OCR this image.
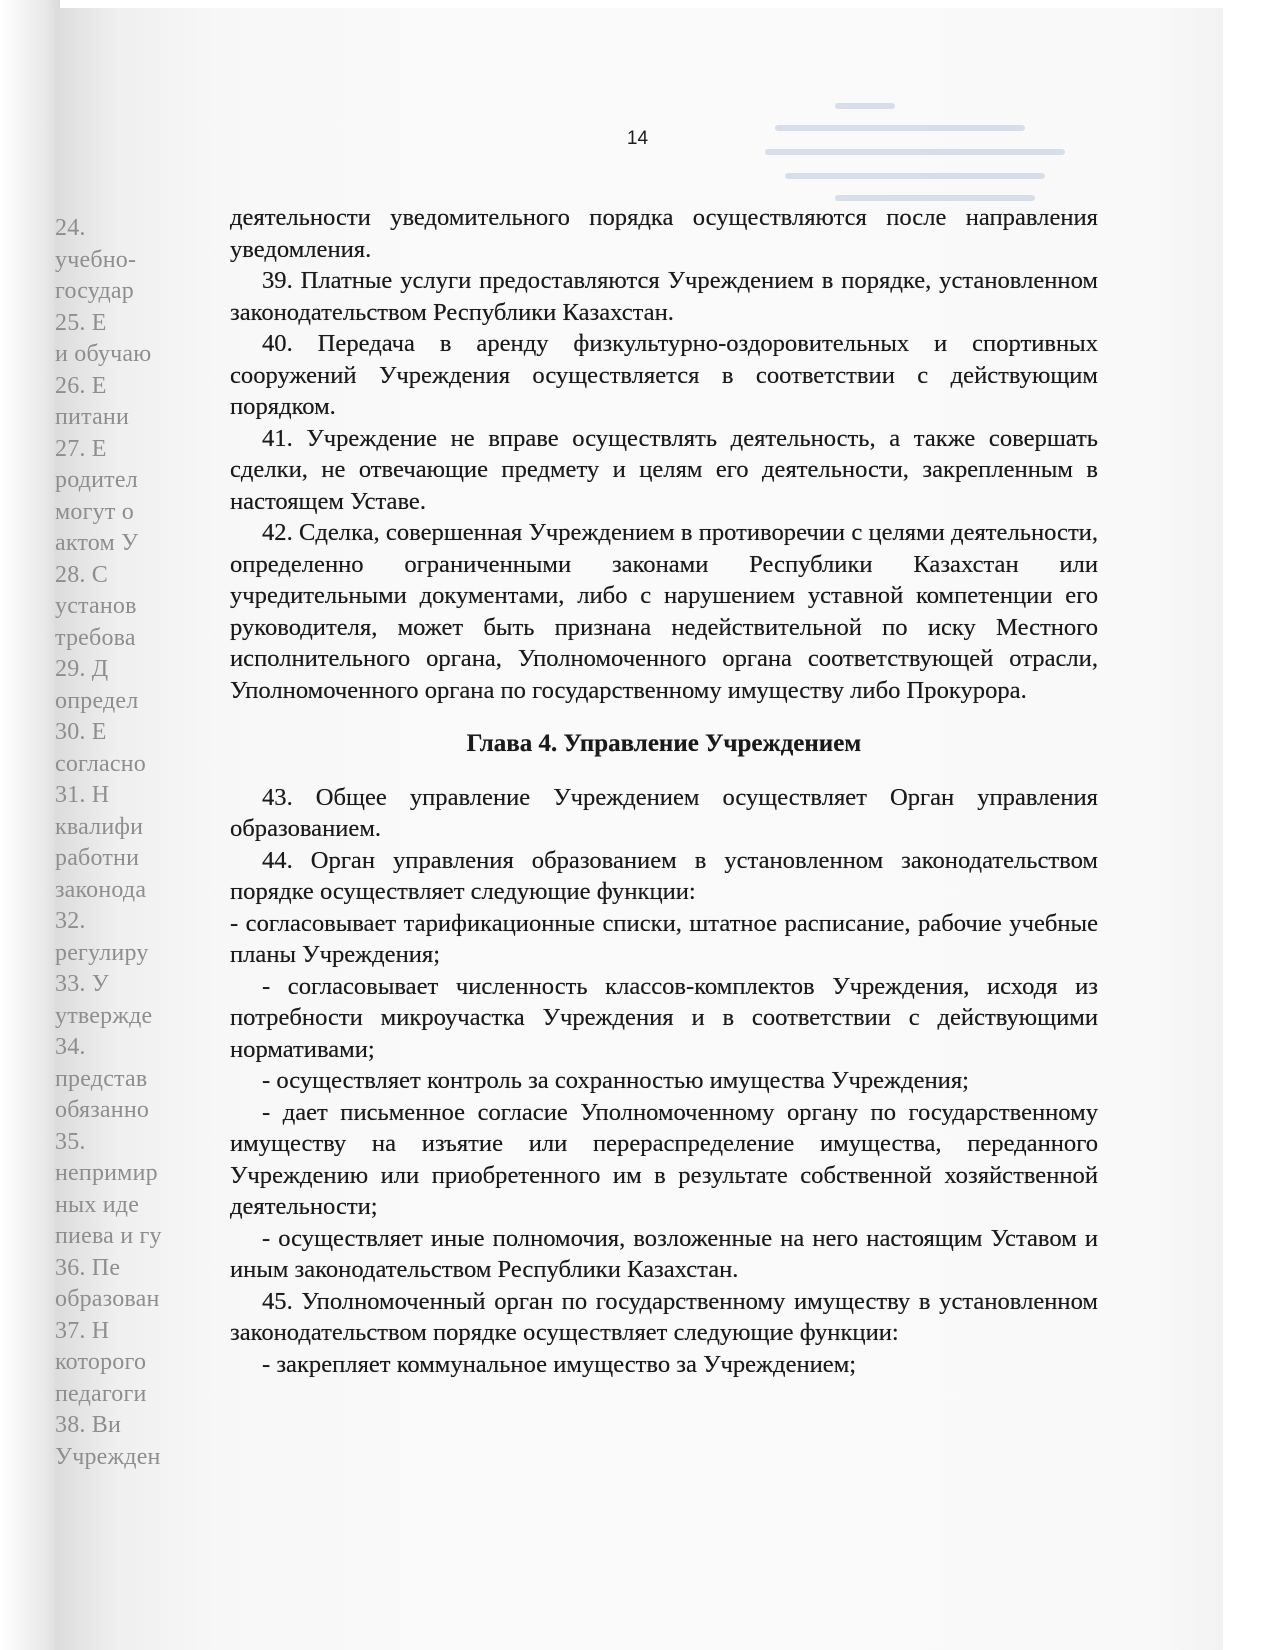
24.
учебно-
государ
25. Е
и обучаю
26. Е
питани
27. Е
родител
могут о
актом У
28. С
установ
требова
29. Д
определ
30. Е
согласно
31. Н
квалифи
работни
законода
32.
регулиру
33. У
утвержде
34.
представ
обязанно
35.
непримир
ных иде
пиева и гу
36. Пе
образован
37. Н
которого
педагоги
38. Ви
Учрежден
14

деятельности уведомительного порядка осуществляются после направления уведомления.

39. Платные услуги предоставляются Учреждением в порядке, установленном законодательством Республики Казахстан.

40. Передача в аренду физкультурно-оздоровительных и спортивных сооружений Учреждения осуществляется в соответствии с действующим порядком.

41. Учреждение не вправе осуществлять деятельность, а также совершать сделки, не отвечающие предмету и целям его деятельности, закрепленным в настоящем Уставе.

42. Сделка, совершенная Учреждением в противоречии с целями деятельности, определенно ограниченными законами Республики Казахстан или учредительными документами, либо с нарушением уставной компетенции его руководителя, может быть признана недействительной по иску Местного исполнительного органа, Уполномоченного органа соответствующей отрасли, Уполномоченного органа по государственному имуществу либо Прокурора.

Глава 4. Управление Учреждением

43. Общее управление Учреждением осуществляет Орган управления образованием.

44. Орган управления образованием в установленном законодательством порядке осуществляет следующие функции:

- согласовывает тарификационные списки, штатное расписание, рабочие учебные планы Учреждения;

- согласовывает численность классов-комплектов Учреждения, исходя из потребности микроучастка Учреждения и в соответствии с действующими нормативами;

- осуществляет контроль за сохранностью имущества Учреждения;

- дает письменное согласие Уполномоченному органу по государственному имуществу на изъятие или перераспределение имущества, переданного Учреждению или приобретенного им в результате собственной хозяйственной деятельности;

- осуществляет иные полномочия, возложенные на него настоящим Уставом и иным законодательством Республики Казахстан.

45. Уполномоченный орган по государственному имуществу в установленном законодательством порядке осуществляет следующие функции:

- закрепляет коммунальное имущество за Учреждением;
